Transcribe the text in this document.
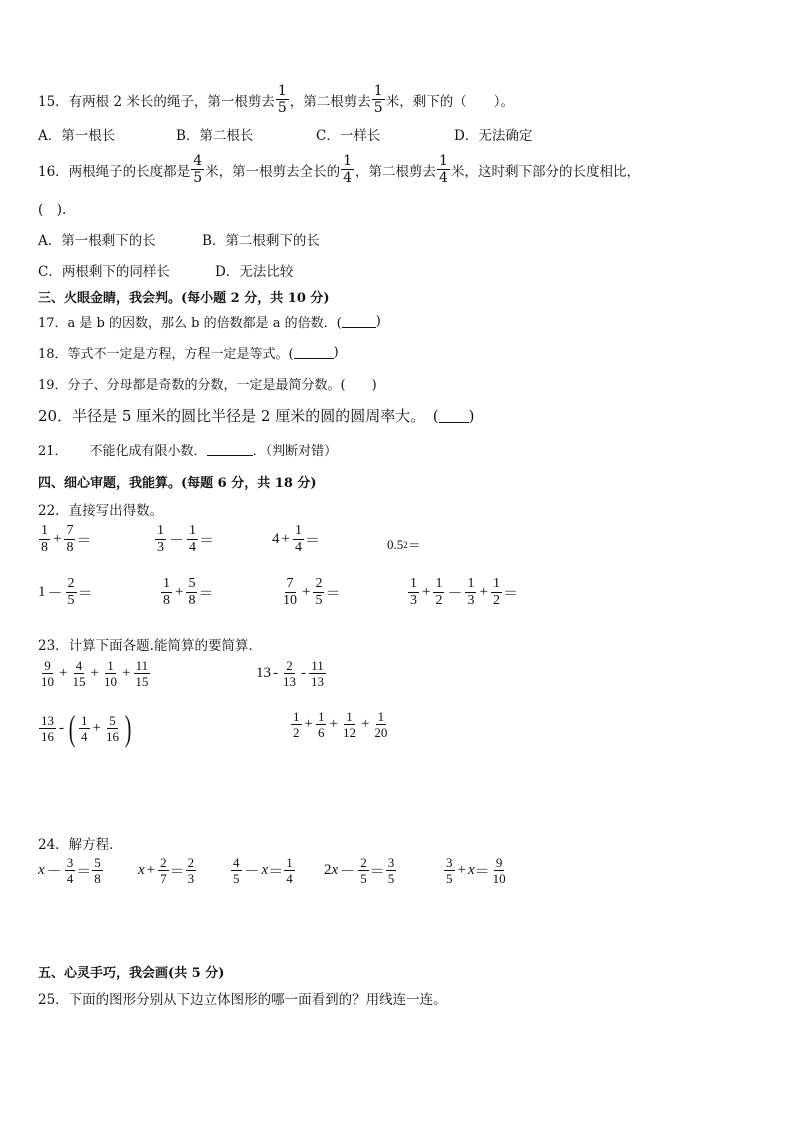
15．有两根 2 米长的绳子，第一根剪去 $\frac{1}{5}$ ，第二根剪去 $\frac{1}{5}$ 米，剩下的（　　）。
A．第一根长	B．第二根长	C．一样长	D．无法确定
16．两根绳子的长度都是 $\frac{4}{5}$ 米，第一根剪去全长的 $\frac{1}{4}$ ，第二根剪去 $\frac{1}{4}$ 米，这时剩下部分的长度相比，
(　).
A．第一根剩下的长	B．第二根剩下的长
C．两根剩下的同样长	D．无法比较
三、火眼金睛，我会判。(每小题 2 分，共 10 分)
17．a 是 b 的因数，那么 b 的倍数都是 a 的倍数．(	)
18．等式不一定是方程，方程一定是等式。(	)
19．分子、分母都是奇数的分数，一定是最简分数。(　　)
20．半径是 5 厘米的圆比半径是 2 厘米的圆的圆周率大。　( )
21． 不能化成有限小数．	．（判断对错）
四、细心审题，我能算。(每题 6 分，共 18 分)
22．直接写出得数。
$\frac{1}{8} + \frac{7}{8}$ ＝	$\frac{1}{3} - \frac{1}{4}$ ＝	$4 + \frac{1}{4}$ ＝	0.5 2 ＝
$1 - \frac{2}{5}$ ＝	$\frac{1}{8} + \frac{5}{8}$ ＝	$\frac{7}{10} + \frac{2}{5}$ ＝	$\frac{1}{3} + \frac{1}{2} - \frac{1}{3} + \frac{1}{2}$ ＝
23．计算下面各题.能简算的要简算．
$\frac{9}{10} + \frac{4}{15} + \frac{1}{10} + \frac{11}{15}$	$13 - \frac{2}{13} - \frac{11}{13}$
$\frac{13}{16}$ - ( $\frac{1}{4} + \frac{5}{16}$ )	$\frac{1}{2} + \frac{1}{6} + \frac{1}{12} + \frac{1}{20}$
24．解方程．
$x - \frac{3}{4} = \frac{5}{8}$ $x + \frac{2}{7} = \frac{2}{3}$	$\frac{4}{5} - x = \frac{1}{4} 2$ $x - \frac{2}{5} = \frac{3}{5}$	$\frac{3}{5} + x = \frac{9}{10}$
五、心灵手巧，我会画(共 5 分)
25．下面的图形分别从下边立体图形的哪一面看到的？用线连一连。
